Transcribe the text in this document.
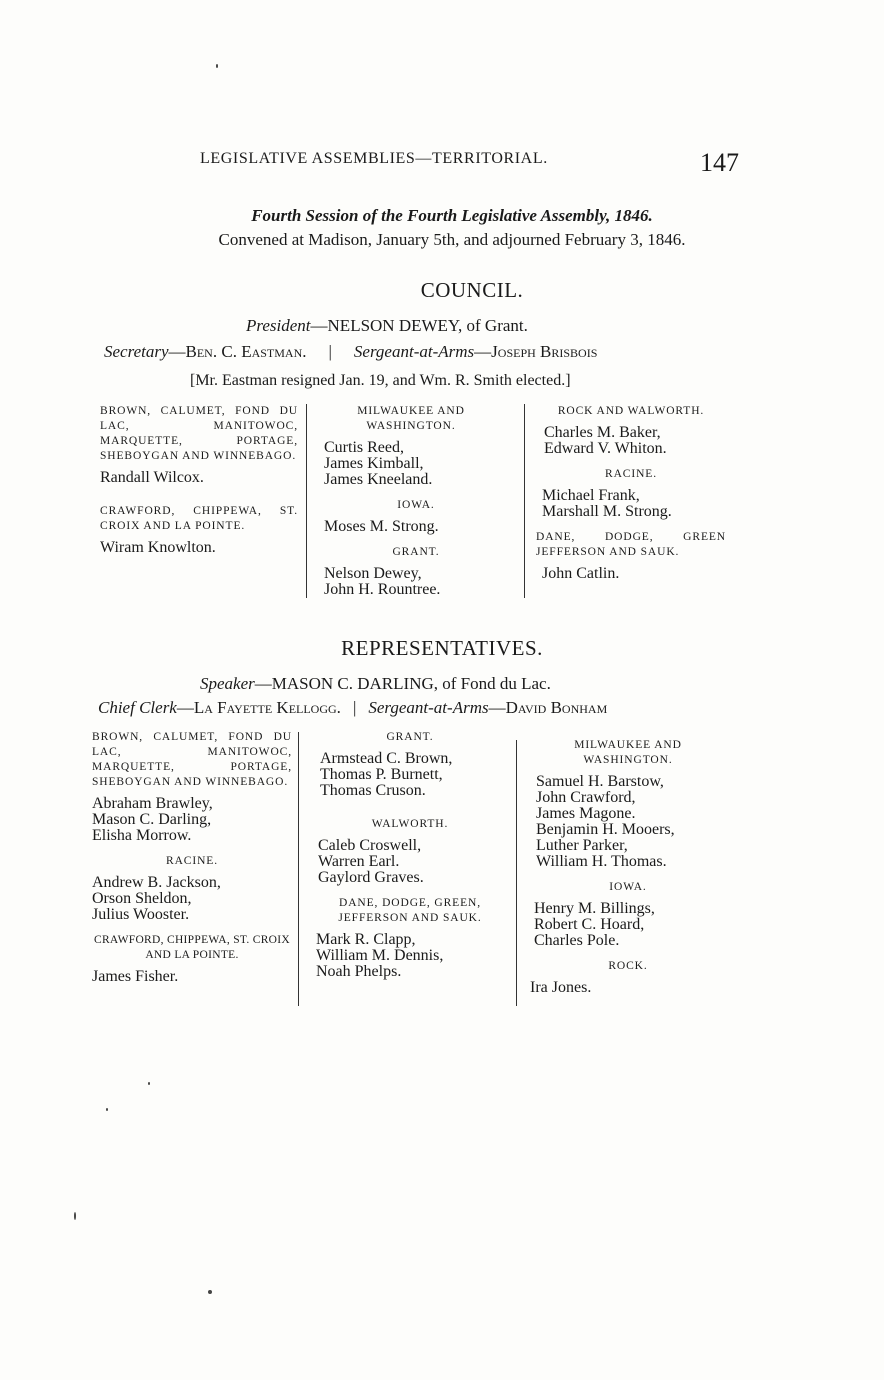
LEGISLATIVE ASSEMBLIES—TERRITORIAL.	147
Fourth Session of the Fourth Legislative Assembly, 1846.
Convened at Madison, January 5th, and adjourned February 3, 1846.
COUNCIL.
President—NELSON DEWEY, of Grant.
Secretary—Ben. C. Eastman. | Sergeant-at-Arms—Joseph Brisbois
[Mr. Eastman resigned Jan. 19, and Wm. R. Smith elected.]
BROWN, CALUMET, FOND DU LAC, MANITOWOC, MARQUETTE, PORTAGE, SHEBOYGAN AND WINNEBAGO.
Randall Wilcox.
CRAWFORD, CHIPPEWA, ST. CROIX AND LA POINTE.
Wiram Knowlton.
MILWAUKEE AND WASHINGTON.
Curtis Reed,
James Kimball,
James Kneeland.
IOWA.
Moses M. Strong.
GRANT.
Nelson Dewey,
John H. Rountree.
ROCK AND WALWORTH.
Charles M. Baker,
Edward V. Whiton.
RACINE.
Michael Frank,
Marshall M. Strong.
DANE, DODGE, GREEN JEFFERSON AND SAUK.
John Catlin.
REPRESENTATIVES.
Speaker—MASON C. DARLING, of Fond du Lac.
Chief Clerk—La Fayette Kellogg. | Sergeant-at-Arms—David Bonham
BROWN, CALUMET, FOND DU LAC, MANITOWOC, MARQUETTE, PORTAGE, SHEBOYGAN AND WINNEBAGO.
Abraham Brawley,
Mason C. Darling,
Elisha Morrow.
RACINE.
Andrew B. Jackson,
Orson Sheldon,
Julius Wooster.
CRAWFORD, CHIPPEWA, ST. CROIX AND LA POINTE.
James Fisher.
GRANT.
Armstead C. Brown,
Thomas P. Burnett,
Thomas Cruson.
WALWORTH.
Caleb Croswell,
Warren Earl.
Gaylord Graves.
DANE, DODGE, GREEN, JEFFERSON AND SAUK.
Mark R. Clapp,
William M. Dennis,
Noah Phelps.
MILWAUKEE AND WASHINGTON.
Samuel H. Barstow,
John Crawford,
James Magone.
Benjamin H. Mooers,
Luther Parker,
William H. Thomas.
IOWA.
Henry M. Billings,
Robert C. Hoard,
Charles Pole.
ROCK.
Ira Jones.
